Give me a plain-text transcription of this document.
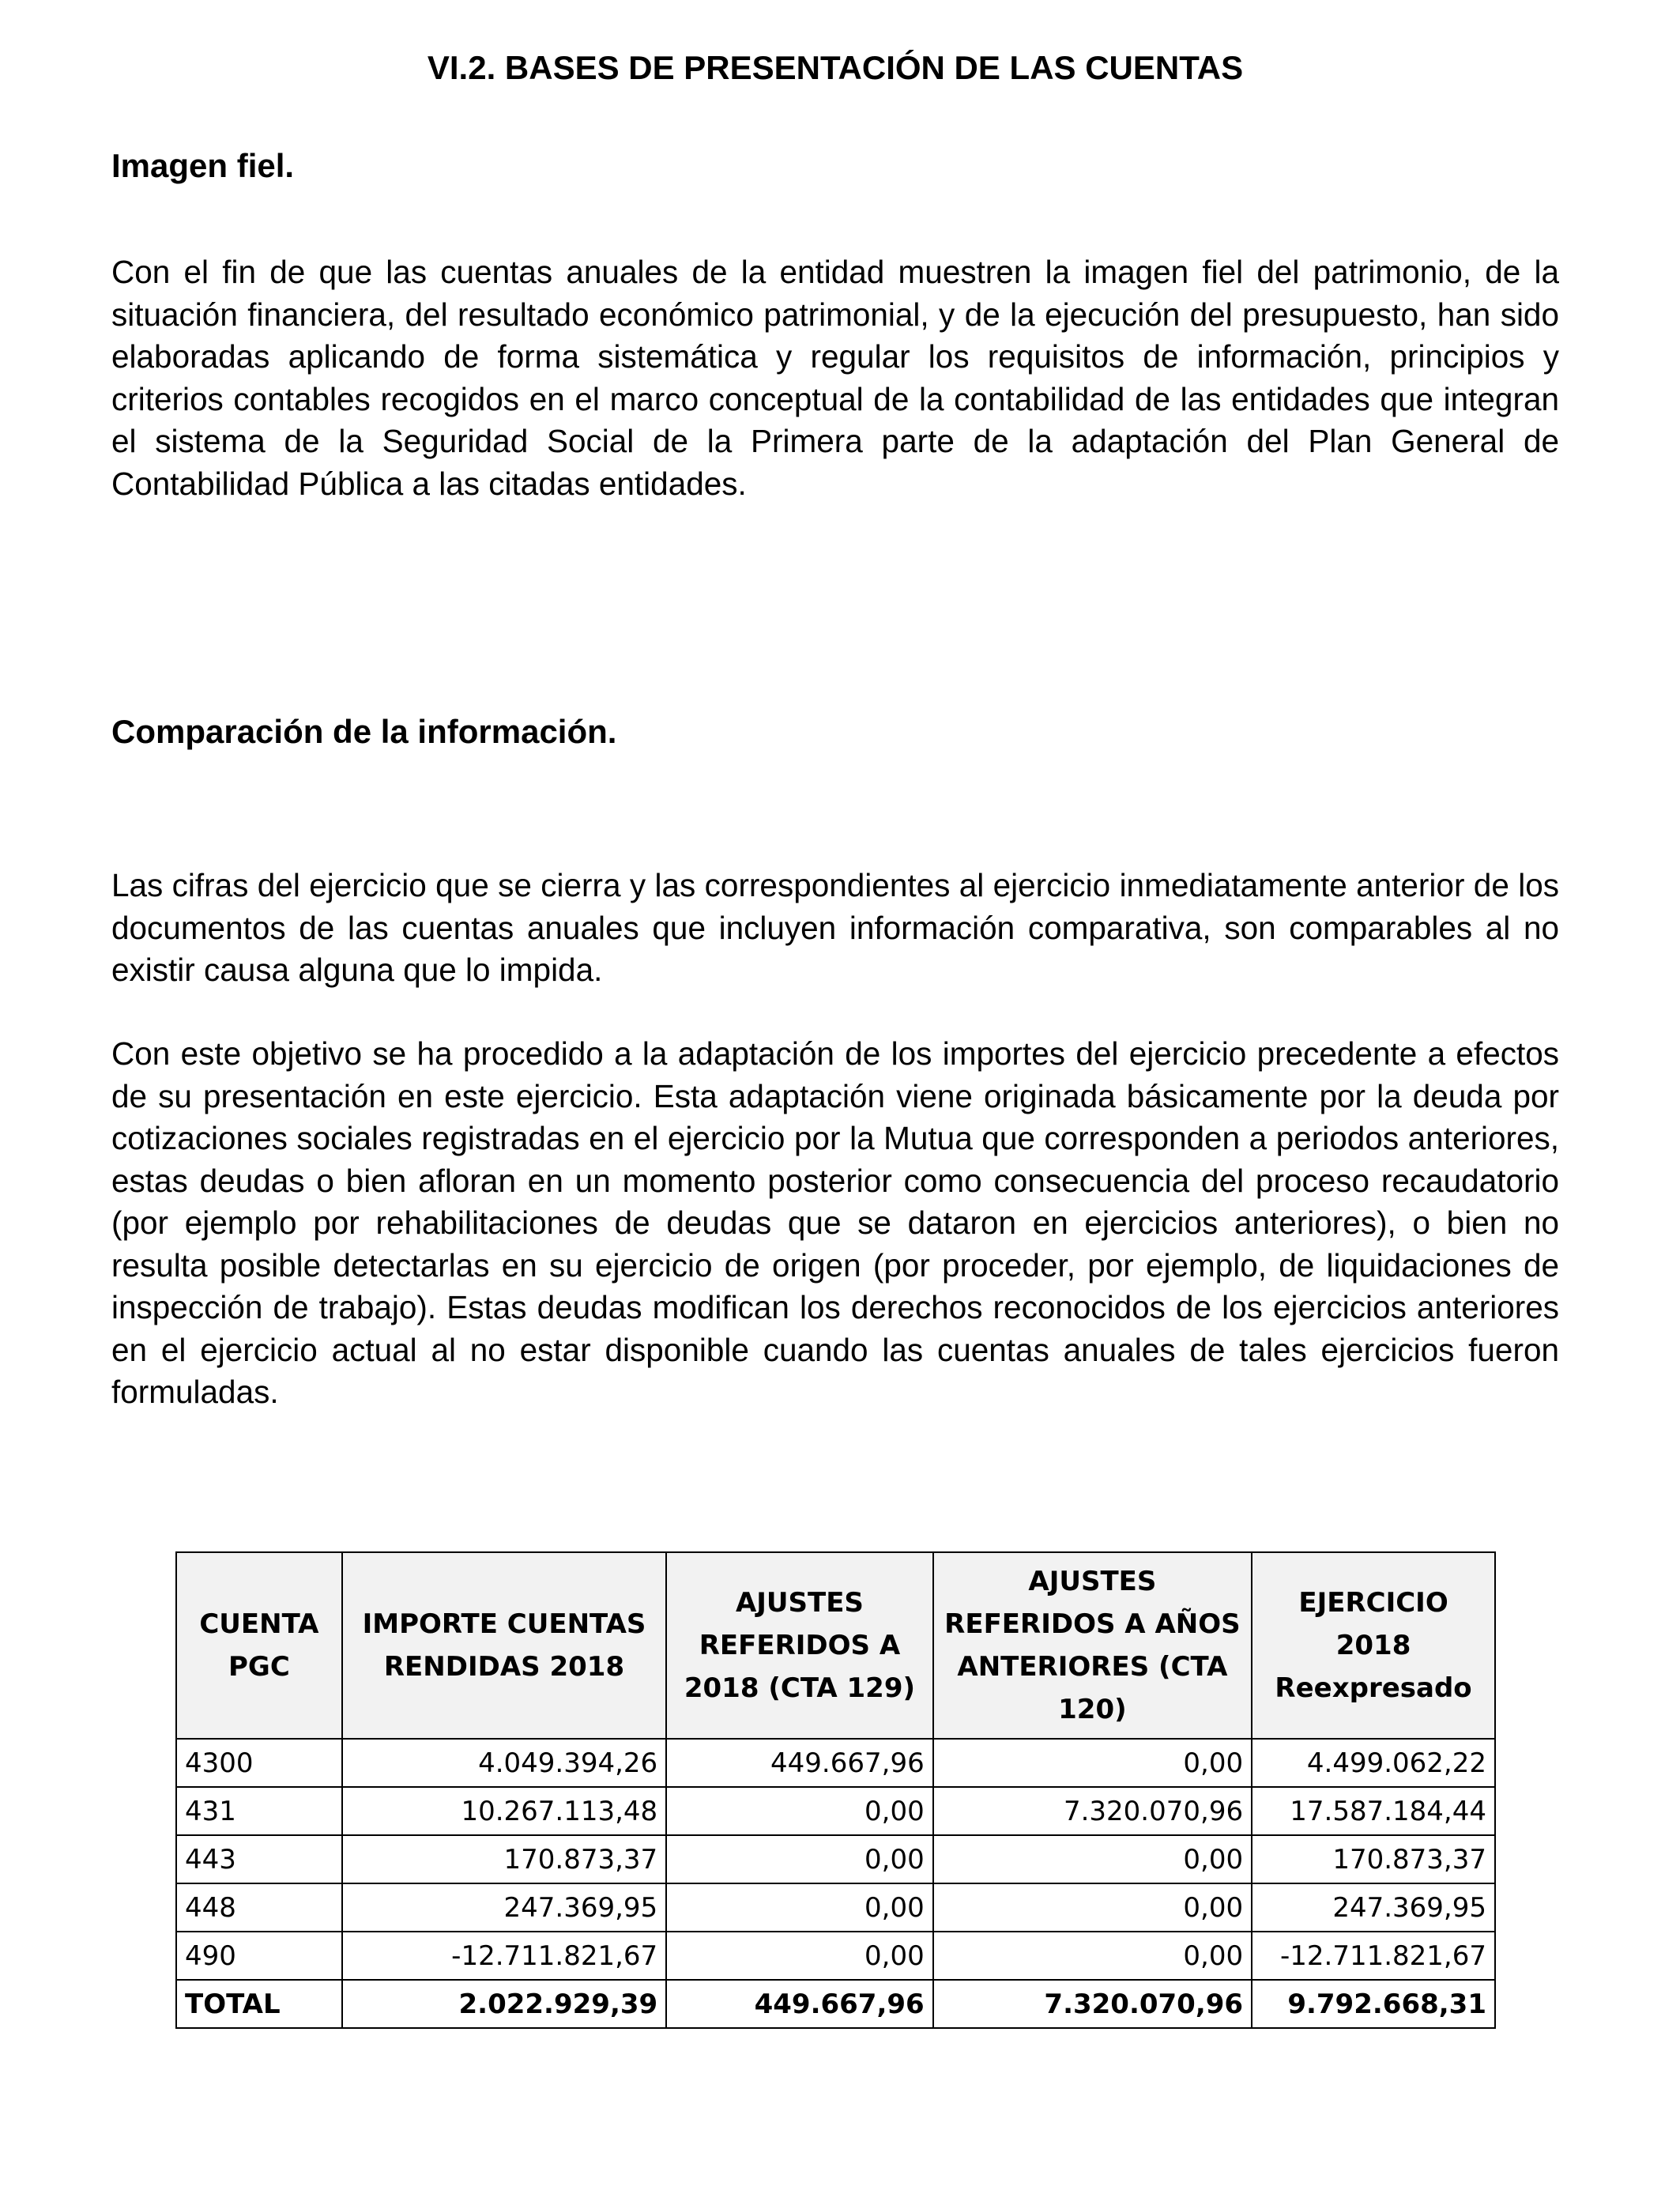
VI.2. BASES DE PRESENTACIÓN DE LAS CUENTAS
Imagen fiel.

Con el fin de que las cuentas anuales de la entidad muestren la imagen fiel del patrimonio, de la situación financiera, del resultado económico patrimonial, y de la ejecución del presupuesto, han sido elaboradas aplicando de forma sistemática y regular los requisitos de información, principios y criterios contables recogidos en el marco conceptual de la contabilidad de las entidades que integran el sistema de la Seguridad Social de la Primera parte de la adaptación del Plan General de Contabilidad Pública a las citadas entidades.

Comparación de la información.

Las cifras del ejercicio que se cierra y las correspondientes al ejercicio inmediatamente anterior de los documentos de las cuentas anuales que incluyen información comparativa, son comparables al no existir causa alguna que lo impida.

Con este objetivo se ha procedido a la adaptación de los importes del ejercicio precedente a efectos de su presentación en este ejercicio. Esta adaptación viene originada básicamente por la deuda por cotizaciones sociales registradas en el ejercicio por la Mutua que corresponden a periodos anteriores, estas deudas o bien afloran en un momento posterior como consecuencia del proceso recaudatorio (por ejemplo por rehabilitaciones de deudas que se dataron en ejercicios anteriores), o bien no resulta posible detectarlas en su ejercicio de origen (por proceder, por ejemplo, de liquidaciones de inspección de trabajo). Estas deudas modifican los derechos reconocidos de los ejercicios anteriores en el ejercicio actual al no estar disponible cuando las cuentas anuales de tales ejercicios fueron formuladas.

CUENTA PGC	IMPORTE CUENTAS RENDIDAS 2018	AJUSTES REFERIDOS A 2018 (CTA 129)	AJUSTES REFERIDOS A AÑOS ANTERIORES (CTA 120)	EJERCICIO 2018 Reexpresado
4300	4.049.394,26	449.667,96	0,00	4.499.062,22
431	10.267.113,48	0,00	7.320.070,96	17.587.184,44
443	170.873,37	0,00	0,00	170.873,37
448	247.369,95	0,00	0,00	247.369,95
490	-12.711.821,67	0,00	0,00	-12.711.821,67
TOTAL	2.022.929,39	449.667,96	7.320.070,96	9.792.668,31
